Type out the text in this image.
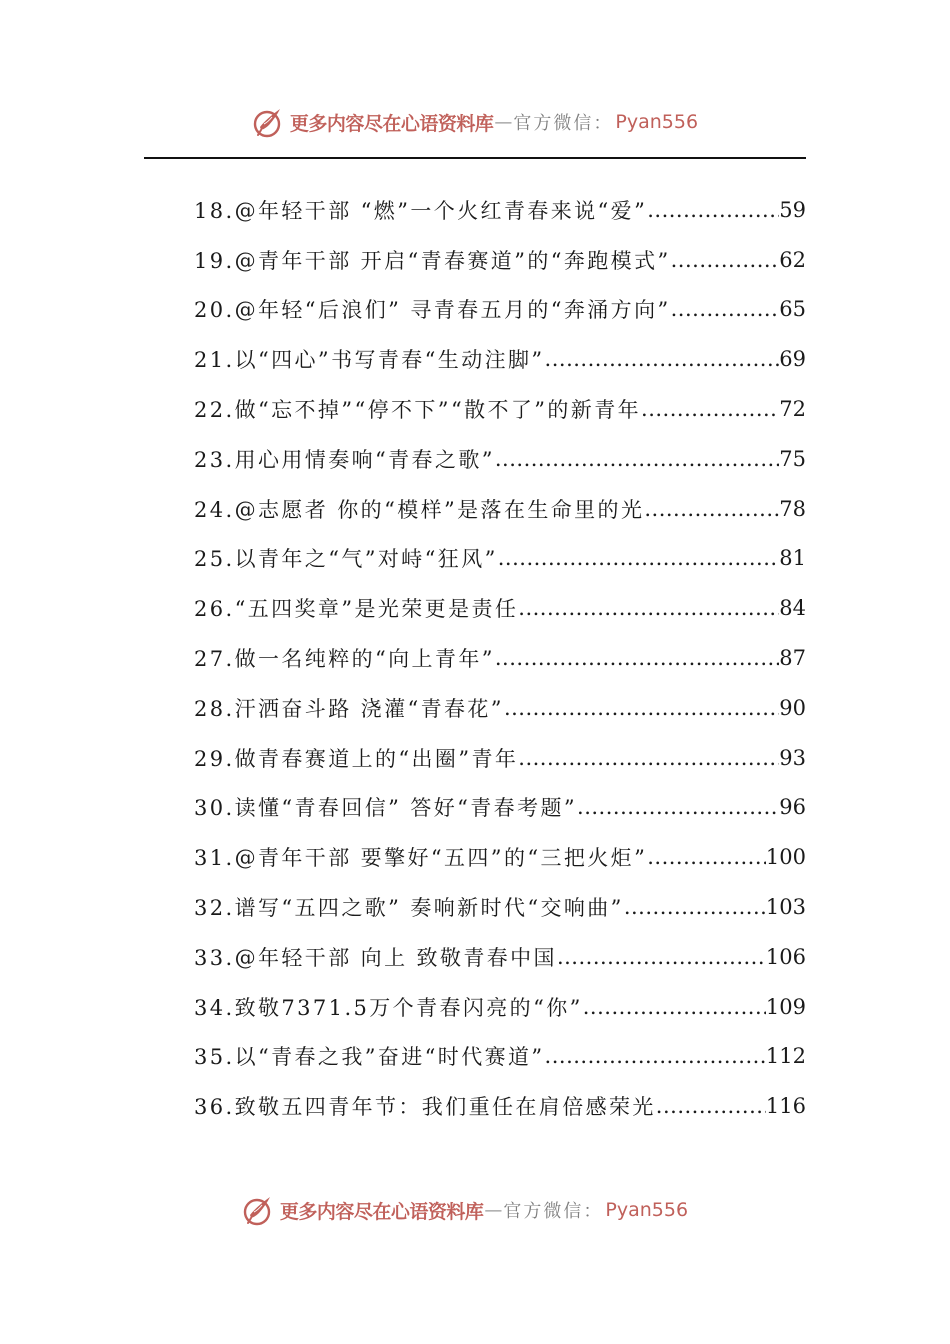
更多内容尽在心语资料库 — 官方微信： Pyan556
18.@年轻干部 “燃”一个火红青春来说“爱” .....	59
19.@青年干部 开启“青春赛道”的“奔跑模式” .....	62
20.@年轻“后浪们” 寻青春五月的“奔涌方向” .....	65
21.以“四心”书写青春“生动注脚” .....	69
22.做“忘不掉”“停不下”“散不了”的新青年 .....	72
23.用心用情奏响“青春之歌” .....	75
24.@志愿者 你的“模样”是落在生命里的光 .....	78
25.以青年之“气”对峙“狂风” .....	81
26.“五四奖章”是光荣更是责任 .....	84
27.做一名纯粹的“向上青年” .....	87
28.汗洒奋斗路 浇灌“青春花” .....	90
29.做青春赛道上的“出圈”青年 .....	93
30.读懂“青春回信” 答好“青春考题” .....	96
31.@青年干部 要擎好“五四”的“三把火炬” .....	100
32.谱写“五四之歌” 奏响新时代“交响曲” .....	103
33.@年轻干部 向上 致敬青春中国 .....	106
34.致敬7371.5万个青春闪亮的“你” .....	109
35.以“青春之我”奋进“时代赛道” .....	112
36.致敬五四青年节：我们重任在肩倍感荣光 .....	116
更多内容尽在心语资料库 — 官方微信： Pyan556
